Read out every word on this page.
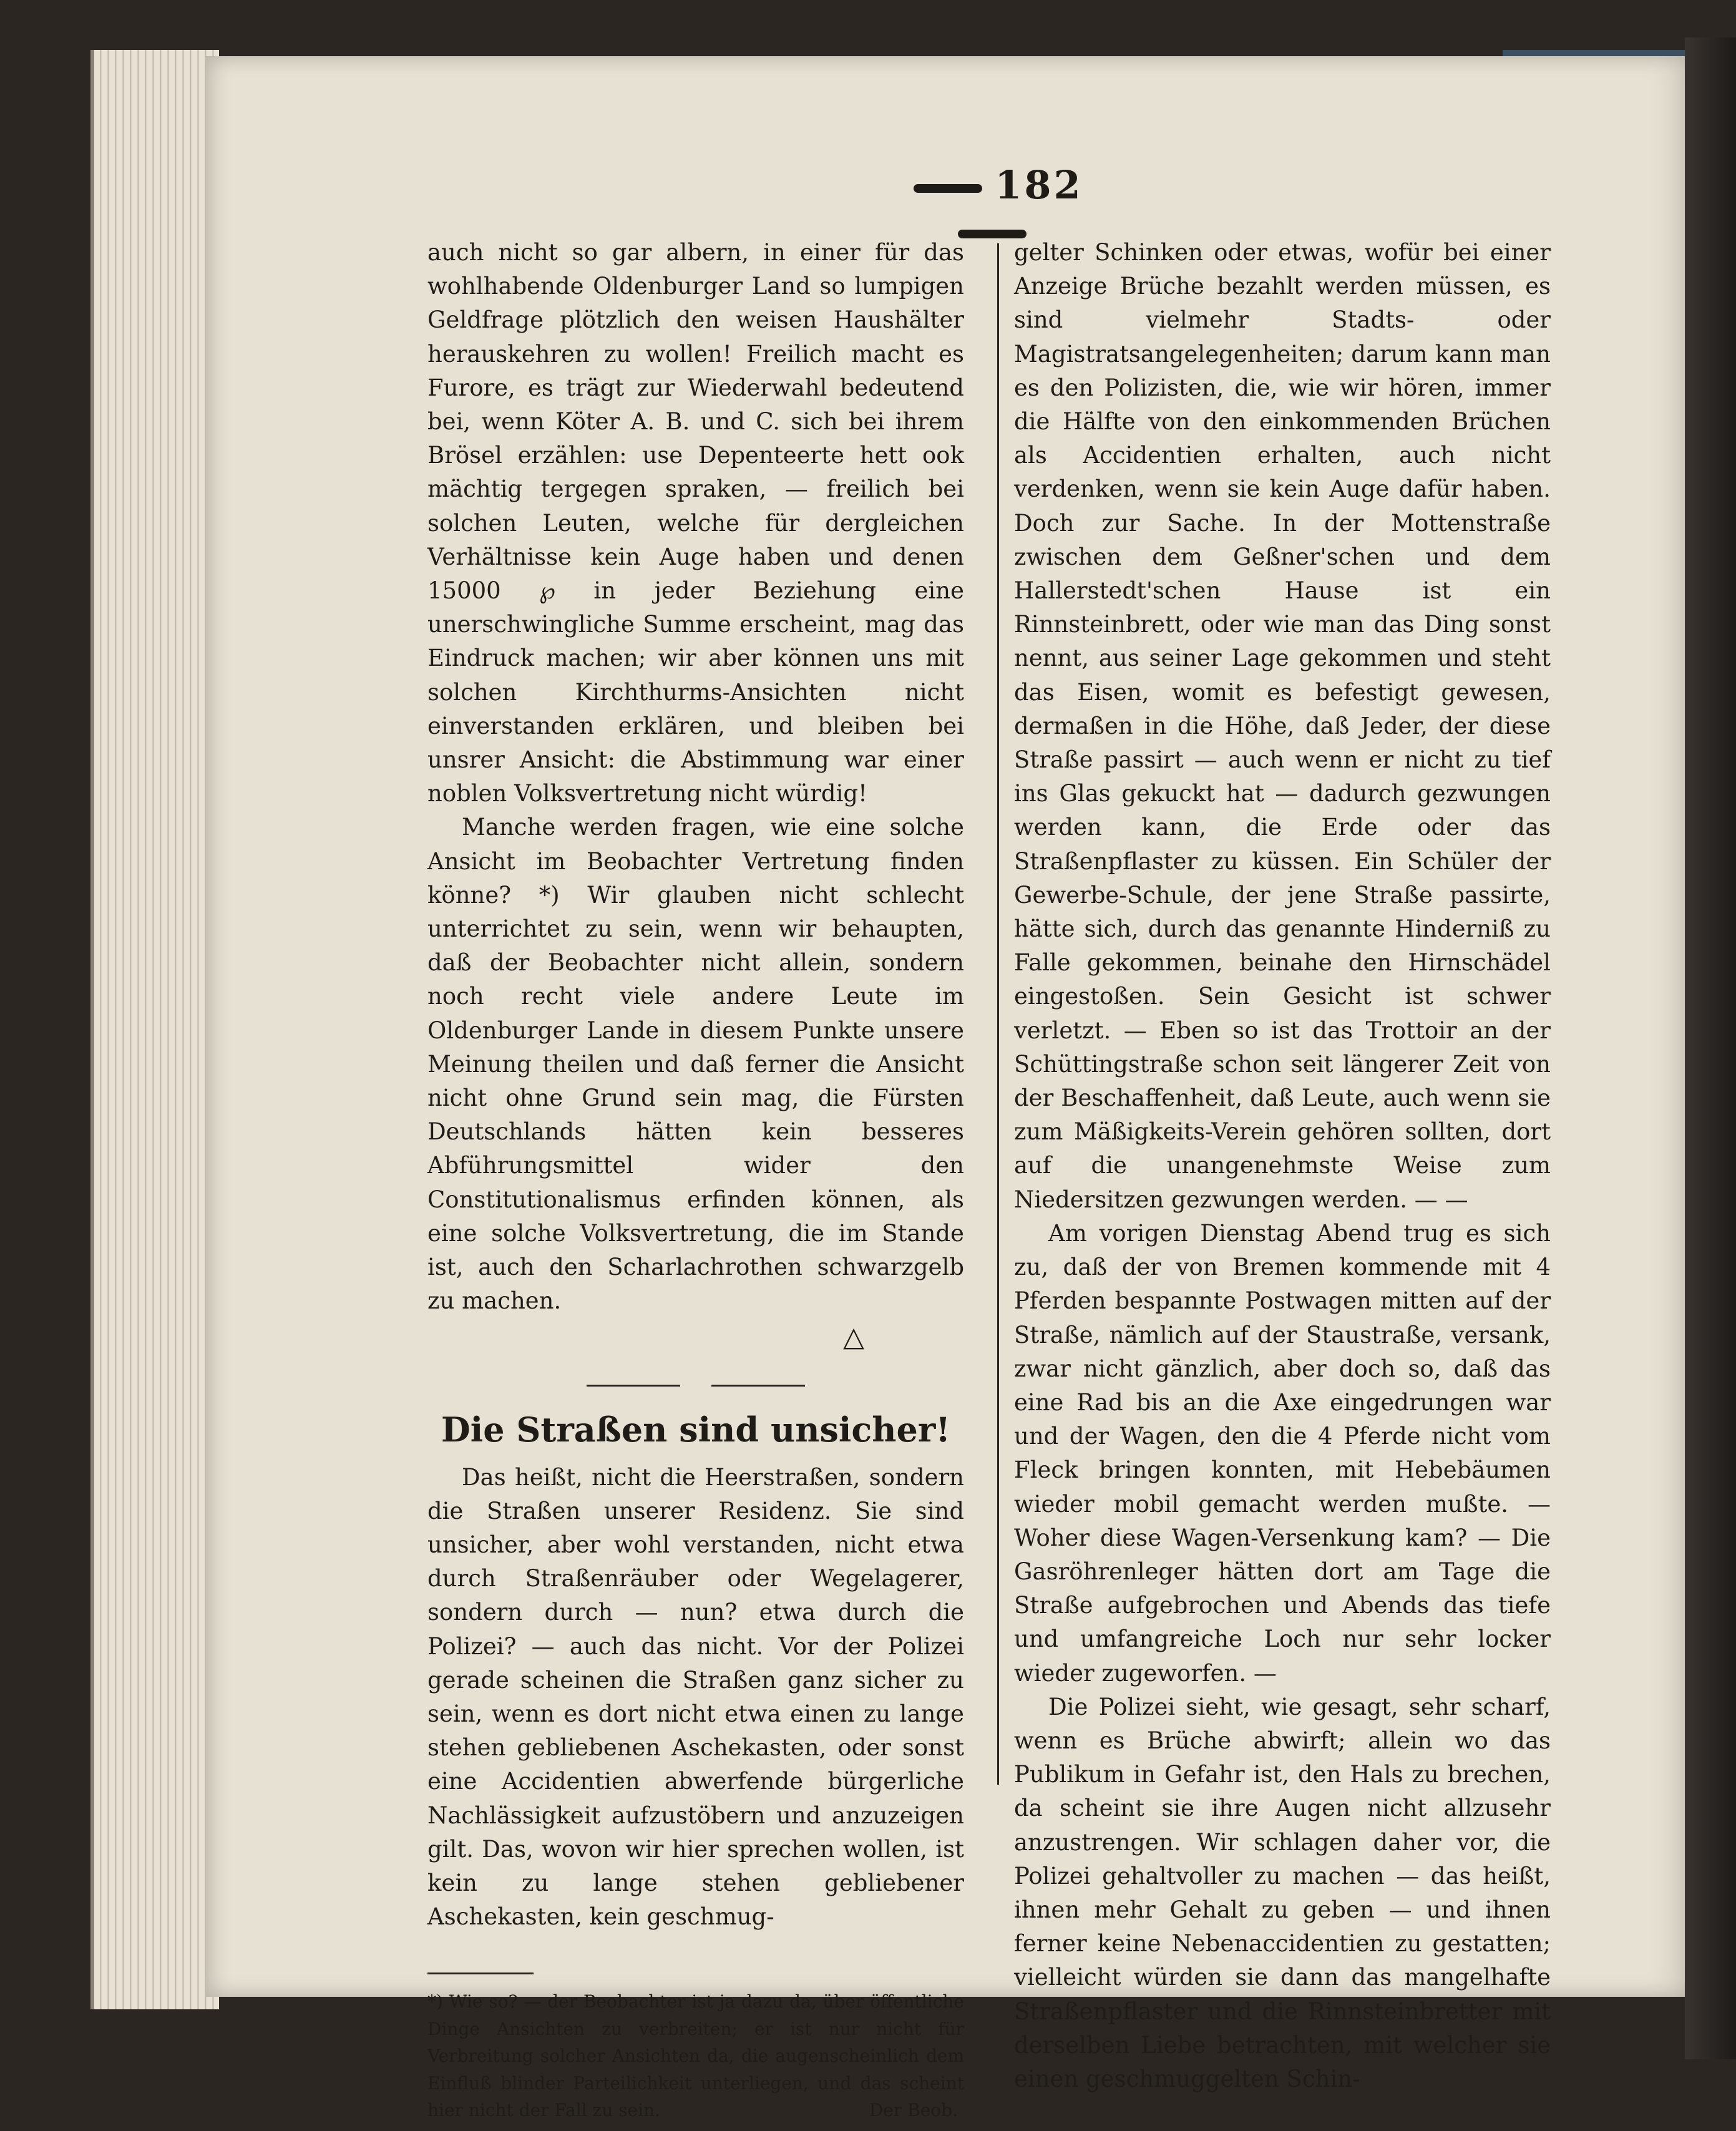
182

auch nicht so gar albern, in einer für das wohlhabende Oldenburger Land so lumpigen Geldfrage plötzlich den weisen Haushälter herauskehren zu wollen! Freilich macht es Furore, es trägt zur Wiederwahl bedeutend bei, wenn Köter A. B. und C. sich bei ihrem Brösel erzählen: use Depenteerte hett ook mächtig tergegen spraken, — freilich bei solchen Leuten, welche für dergleichen Verhältnisse kein Auge haben und denen 15000 ℘ in jeder Beziehung eine unerschwingliche Summe erscheint, mag das Eindruck machen; wir aber können uns mit solchen Kirchthurms-Ansichten nicht einverstanden erklären, und bleiben bei unsrer Ansicht: die Abstimmung war einer noblen Volksvertretung nicht würdig!

Manche werden fragen, wie eine solche Ansicht im Beobachter Vertretung finden könne? *) Wir glauben nicht schlecht unterrichtet zu sein, wenn wir behaupten, daß der Beobachter nicht allein, sondern noch recht viele andere Leute im Oldenburger Lande in diesem Punkte unsere Meinung theilen und daß ferner die Ansicht nicht ohne Grund sein mag, die Fürsten Deutschlands hätten kein besseres Abführungsmittel wider den Constitutionalismus erfinden können, als eine solche Volksvertretung, die im Stande ist, auch den Scharlachrothen schwarzgelb zu machen.

△
Die Straßen sind unsicher!

Das heißt, nicht die Heerstraßen, sondern die Straßen unserer Residenz. Sie sind unsicher, aber wohl verstanden, nicht etwa durch Straßenräuber oder Wegelagerer, sondern durch — nun? etwa durch die Polizei? — auch das nicht. Vor der Polizei gerade scheinen die Straßen ganz sicher zu sein, wenn es dort nicht etwa einen zu lange stehen gebliebenen Aschekasten, oder sonst eine Accidentien abwerfende bürgerliche Nachlässigkeit aufzustöbern und anzuzeigen gilt. Das, wovon wir hier sprechen wollen, ist kein zu lange stehen gebliebener Aschekasten, kein geschmug-

*) Wie so? — der Beobachter ist ja dazu da, über öffentliche Dinge Ansichten zu verbreiten; er ist nur nicht für Verbreitung solcher Ansichten da, die augenscheinlich dem Einfluß blinder Parteilichkeit unterliegen, und das scheint hier nicht der Fall zu sein.	Der Beob.

gelter Schinken oder etwas, wofür bei einer Anzeige Brüche bezahlt werden müssen, es sind vielmehr Stadts- oder Magistratsangelegenheiten; darum kann man es den Polizisten, die, wie wir hören, immer die Hälfte von den einkommenden Brüchen als Accidentien erhalten, auch nicht verdenken, wenn sie kein Auge dafür haben. Doch zur Sache. In der Mottenstraße zwischen dem Geßner'schen und dem Hallerstedt'schen Hause ist ein Rinnsteinbrett, oder wie man das Ding sonst nennt, aus seiner Lage gekommen und steht das Eisen, womit es befestigt gewesen, dermaßen in die Höhe, daß Jeder, der diese Straße passirt — auch wenn er nicht zu tief ins Glas gekuckt hat — dadurch gezwungen werden kann, die Erde oder das Straßenpflaster zu küssen. Ein Schüler der Gewerbe-Schule, der jene Straße passirte, hätte sich, durch das genannte Hinderniß zu Falle gekommen, beinahe den Hirnschädel eingestoßen. Sein Gesicht ist schwer verletzt. — Eben so ist das Trottoir an der Schüttingstraße schon seit längerer Zeit von der Beschaffenheit, daß Leute, auch wenn sie zum Mäßigkeits-Verein gehören sollten, dort auf die unangenehmste Weise zum Niedersitzen gezwungen werden. — —

Am vorigen Dienstag Abend trug es sich zu, daß der von Bremen kommende mit 4 Pferden bespannte Postwagen mitten auf der Straße, nämlich auf der Staustraße, versank, zwar nicht gänzlich, aber doch so, daß das eine Rad bis an die Axe eingedrungen war und der Wagen, den die 4 Pferde nicht vom Fleck bringen konnten, mit Hebebäumen wieder mobil gemacht werden mußte. — Woher diese Wagen-Versenkung kam? — Die Gasröhrenleger hätten dort am Tage die Straße aufgebrochen und Abends das tiefe und umfangreiche Loch nur sehr locker wieder zugeworfen. —

Die Polizei sieht, wie gesagt, sehr scharf, wenn es Brüche abwirft; allein wo das Publikum in Gefahr ist, den Hals zu brechen, da scheint sie ihre Augen nicht allzusehr anzustrengen. Wir schlagen daher vor, die Polizei gehaltvoller zu machen — das heißt, ihnen mehr Gehalt zu geben — und ihnen ferner keine Nebenaccidentien zu gestatten; vielleicht würden sie dann das mangelhafte Straßenpflaster und die Rinnsteinbretter mit derselben Liebe betrachten, mit welcher sie einen geschmuggelten Schin-
